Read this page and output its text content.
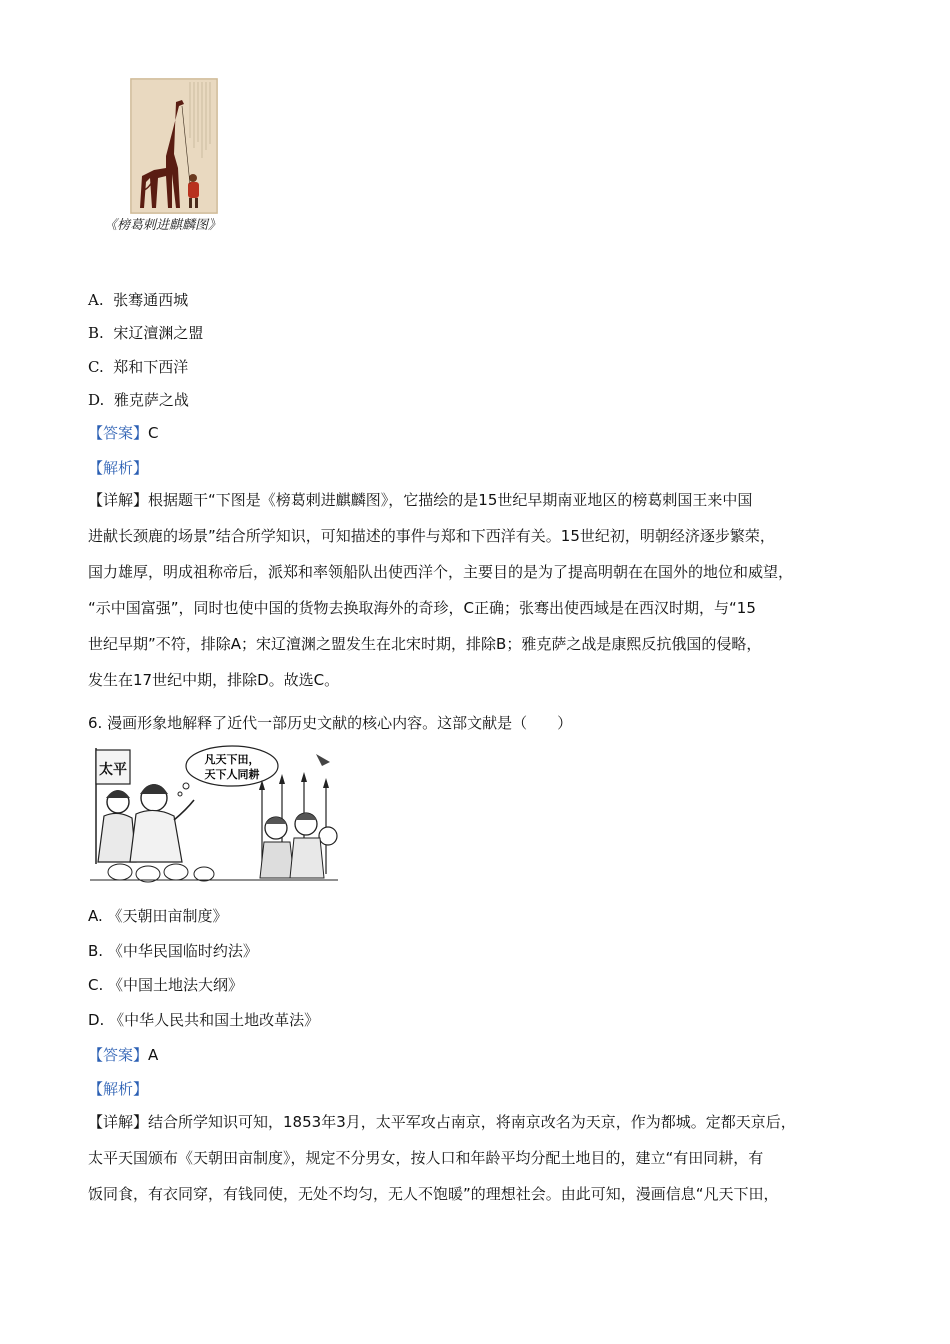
《榜葛剌进麒麟图》
A. 张骞通西城
B. 宋辽澶渊之盟
C. 郑和下西洋
D. 雅克萨之战
【答案】C
【解析】
【详解】根据题干“下图是《榜葛剌进麒麟图》，它描绘的是15世纪早期南亚地区的榜葛剌国王来中国
进献长颈鹿的场景”结合所学知识，可知描述的事件与郑和下西洋有关。15世纪初，明朝经济逐步繁荣，
国力雄厚，明成祖称帝后，派郑和率领船队出使西洋个，主要目的是为了提高明朝在在国外的地位和威望，
“示中国富强”，同时也使中国的货物去换取海外的奇珍，C正确；张骞出使西域是在西汉时期，与“15
世纪早期”不符，排除A；宋辽澶渊之盟发生在北宋时期，排除B；雅克萨之战是康熙反抗俄国的侵略，
发生在17世纪中期，排除D。故选C。
6. 漫画形象地解释了近代一部历史文献的核心内容。这部文献是（　　）
太平
凡天下田，
天下人同耕
A. 《天朝田亩制度》
B. 《中华民国临时约法》
C. 《中国土地法大纲》
D. 《中华人民共和国土地改革法》
【答案】A
【解析】
【详解】结合所学知识可知，1853年3月，太平军攻占南京，将南京改名为天京，作为都城。定都天京后，
太平天国颁布《天朝田亩制度》，规定不分男女，按人口和年龄平均分配土地目的，建立“有田同耕，有
饭同食，有衣同穿，有钱同使，无处不均匀，无人不饱暖”的理想社会。由此可知，漫画信息“凡天下田，
